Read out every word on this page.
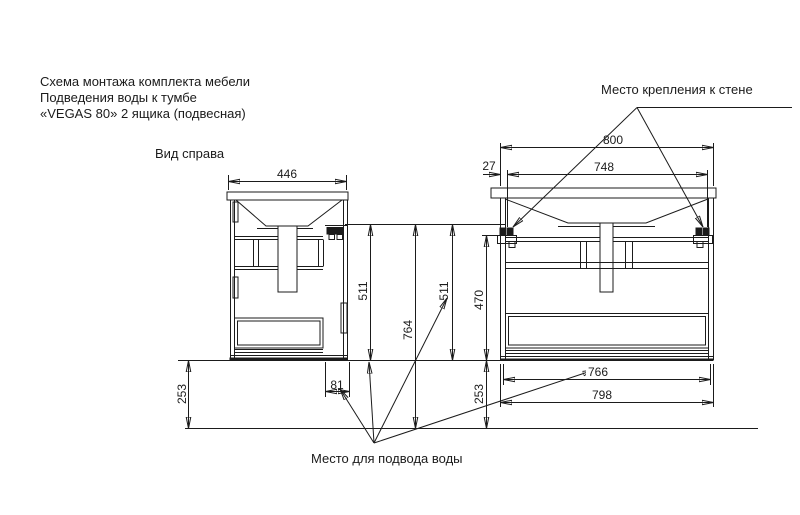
Схема монтажа комплекта мебели
Подведения воды к тумбе
«VEGAS 80» 2 ящика (подвесная)
Вид справа
Место крепления к стене
Место для подвода воды
446
800
27	748
511
764
511 470
253	253
81
766
798
